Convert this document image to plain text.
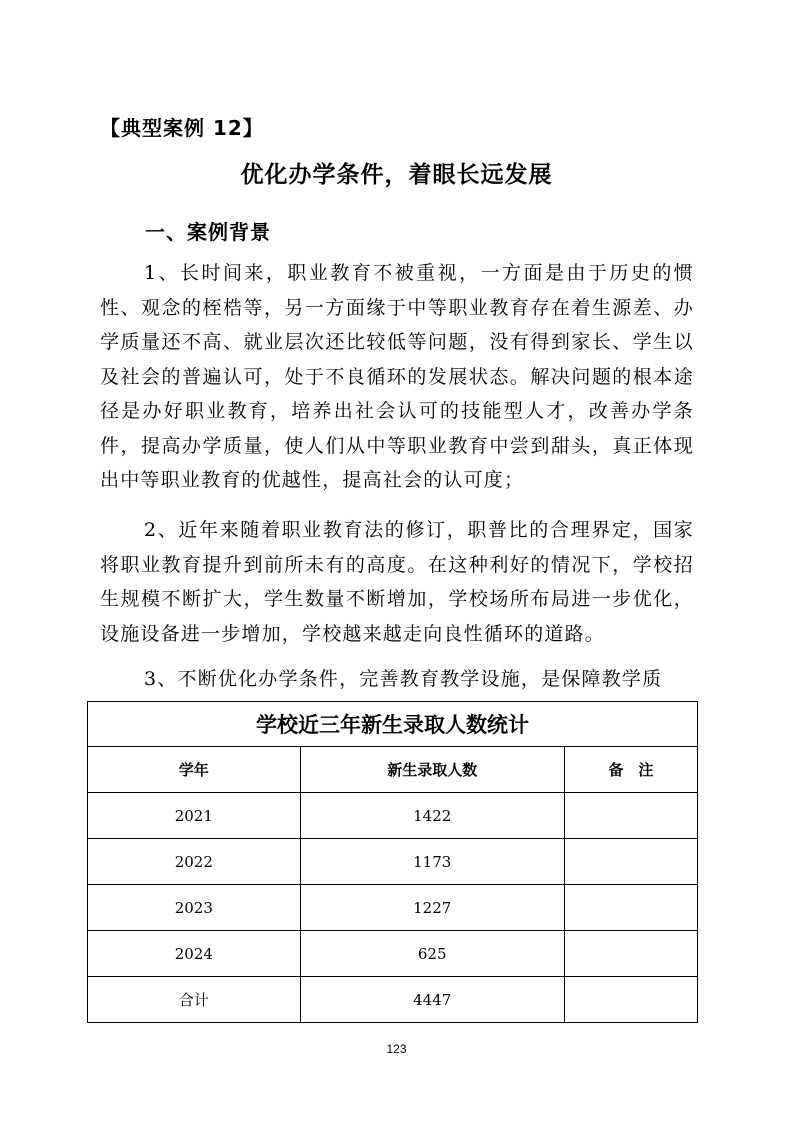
【典型案例 12】
优化办学条件，着眼长远发展
一、案例背景

1、长时间来，职业教育不被重视，一方面是由于历史的惯性、观念的桎梏等，另一方面缘于中等职业教育存在着生源差、办学质量还不高、就业层次还比较低等问题，没有得到家长、学生以及社会的普遍认可，处于不良循环的发展状态。解决问题的根本途径是办好职业教育，培养出社会认可的技能型人才，改善办学条件，提高办学质量，使人们从中等职业教育中尝到甜头，真正体现出中等职业教育的优越性，提高社会的认可度；

2、近年来随着职业教育法的修订，职普比的合理界定，国家将职业教育提升到前所未有的高度。在这种利好的情况下，学校招生规模不断扩大，学生数量不断增加，学校场所布局进一步优化，设施设备进一步增加，学校越来越走向良性循环的道路。

3、不断优化办学条件，完善教育教学设施，是保障教学质

学校近三年新生录取人数统计		
学年	新生录取人数	备　注
2021	1422	
2022	1173	
2023	1227	
2024	625	
合计	4447	
123
